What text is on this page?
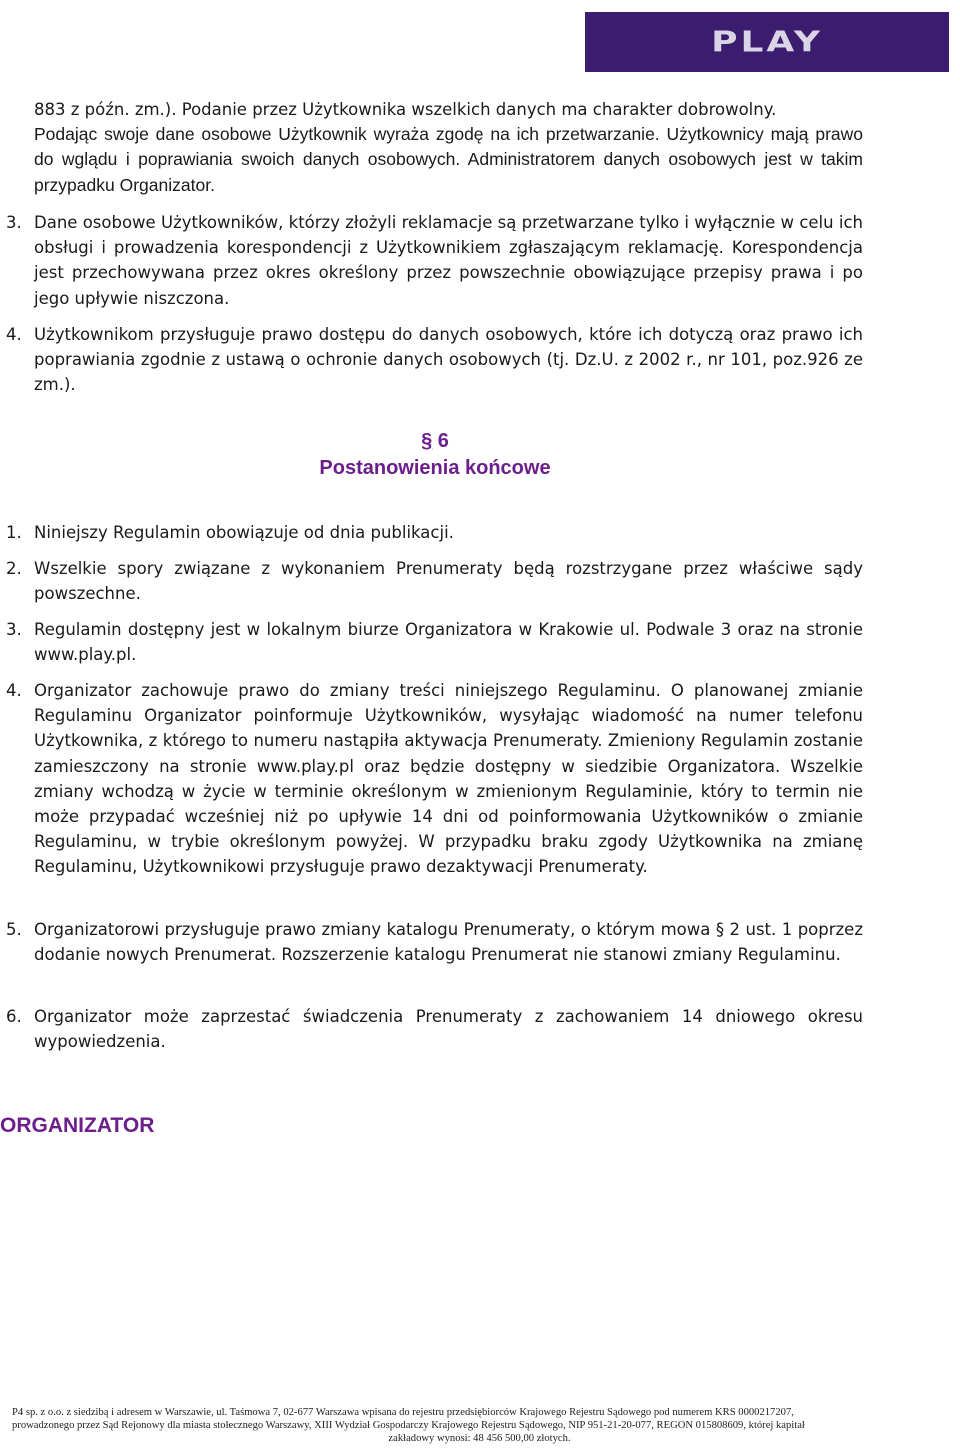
PLAY
883 z późn. zm.). Podanie przez Użytkownika wszelkich danych ma charakter dobrowolny.
Podając swoje dane osobowe Użytkownik wyraża zgodę na ich przetwarzanie. Użytkownicy mają prawo do wglądu i poprawiania swoich danych osobowych. Administratorem danych osobowych jest w takim przypadku Organizator.
3. Dane osobowe Użytkowników, którzy złożyli reklamacje są przetwarzane tylko i wyłącznie w celu ich obsługi i prowadzenia korespondencji z Użytkownikiem zgłaszającym reklamację. Korespondencja jest przechowywana przez okres określony przez powszechnie obowiązujące przepisy prawa i po jego upływie niszczona.
4. Użytkownikom przysługuje prawo dostępu do danych osobowych, które ich dotyczą oraz prawo ich poprawiania zgodnie z ustawą o ochronie danych osobowych (tj. Dz.U. z 2002 r., nr 101, poz.926 ze zm.).
§ 6
Postanowienia końcowe
1. Niniejszy Regulamin obowiązuje od dnia publikacji.
2. Wszelkie spory związane z wykonaniem Prenumeraty będą rozstrzygane przez właściwe sądy powszechne.
3. Regulamin dostępny jest w lokalnym biurze Organizatora w Krakowie ul. Podwale 3 oraz na stronie www.play.pl.
4. Organizator zachowuje prawo do zmiany treści niniejszego Regulaminu. O planowanej zmianie Regulaminu Organizator poinformuje Użytkowników, wysyłając wiadomość na numer telefonu Użytkownika, z którego to numeru nastąpiła aktywacja Prenumeraty. Zmieniony Regulamin zostanie zamieszczony na stronie www.play.pl oraz będzie dostępny w siedzibie Organizatora. Wszelkie zmiany wchodzą w życie w terminie określonym w zmienionym Regulaminie, który to termin nie może przypadać wcześniej niż po upływie 14 dni od poinformowania Użytkowników o zmianie Regulaminu, w trybie określonym powyżej. W przypadku braku zgody Użytkownika na zmianę Regulaminu, Użytkownikowi przysługuje prawo dezaktywacji Prenumeraty.
5. Organizatorowi przysługuje prawo zmiany katalogu Prenumeraty, o którym mowa § 2 ust. 1 poprzez dodanie nowych Prenumerat. Rozszerzenie katalogu Prenumerat nie stanowi zmiany Regulaminu.
6. Organizator może zaprzestać świadczenia Prenumeraty z zachowaniem 14 dniowego okresu wypowiedzenia.
ORGANIZATOR
P4 sp. z o.o. z siedzibą i adresem w Warszawie, ul. Taśmowa 7, 02-677 Warszawa wpisana do rejestru przedsiębiorców Krajowego Rejestru Sądowego pod numerem KRS 0000217207,
prowadzonego przez Sąd Rejonowy dla miasta stołecznego Warszawy, XIII Wydział Gospodarczy Krajowego Rejestru Sądowego, NIP 951-21-20-077, REGON 015808609, której kapitał
zakładowy wynosi: 48 456 500,00 złotych.
